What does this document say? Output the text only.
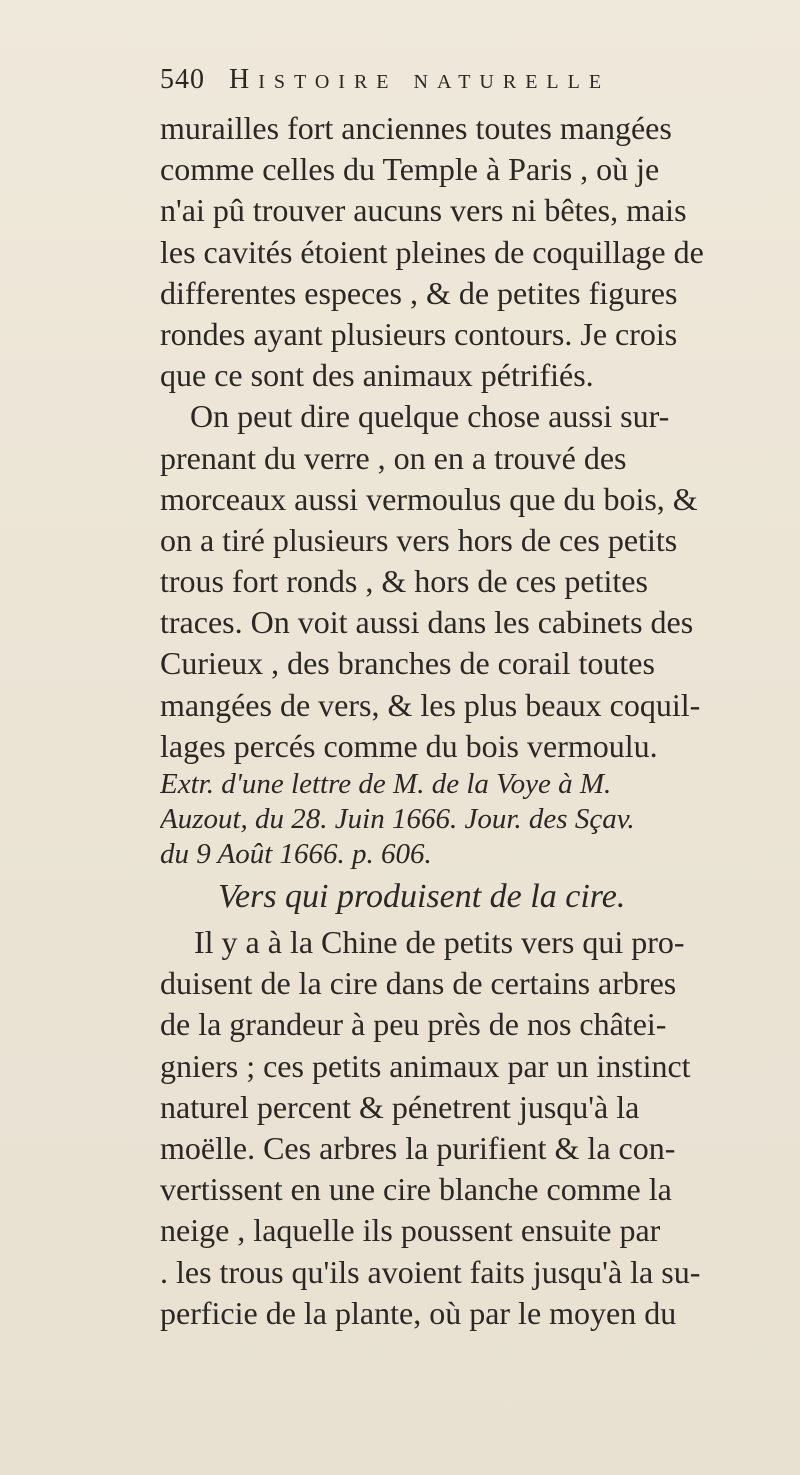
540 Histoire naturelle
murailles fort anciennes toutes mangées
comme celles du Temple à Paris , où je
n'ai pû trouver aucuns vers ni bêtes, mais
les cavités étoient pleines de coquillage de
differentes especes , & de petites figures
rondes ayant plusieurs contours. Je crois
que ce sont des animaux pétrifiés.
On peut dire quelque chose aussi sur-
prenant du verre , on en a trouvé des
morceaux aussi vermoulus que du bois, &
on a tiré plusieurs vers hors de ces petits
trous fort ronds , & hors de ces petites
traces. On voit aussi dans les cabinets des
Curieux , des branches de corail toutes
mangées de vers, & les plus beaux coquil-
lages percés comme du bois vermoulu.
Extr. d'une lettre de M. de la Voye à M.
Auzout, du 28. Juin 1666. Jour. des Sçav.
du 9 Août 1666. p. 606.
Vers qui produisent de la cire.
Il y a à la Chine de petits vers qui pro-
duisent de la cire dans de certains arbres
de la grandeur à peu près de nos châtei-
gniers ; ces petits animaux par un instinct
naturel percent & pénetrent jusqu'à la
moëlle. Ces arbres la purifient & la con-
vertissent en une cire blanche comme la
neige , laquelle ils poussent ensuite par
. les trous qu'ils avoient faits jusqu'à la su-
perficie de la plante, où par le moyen du
